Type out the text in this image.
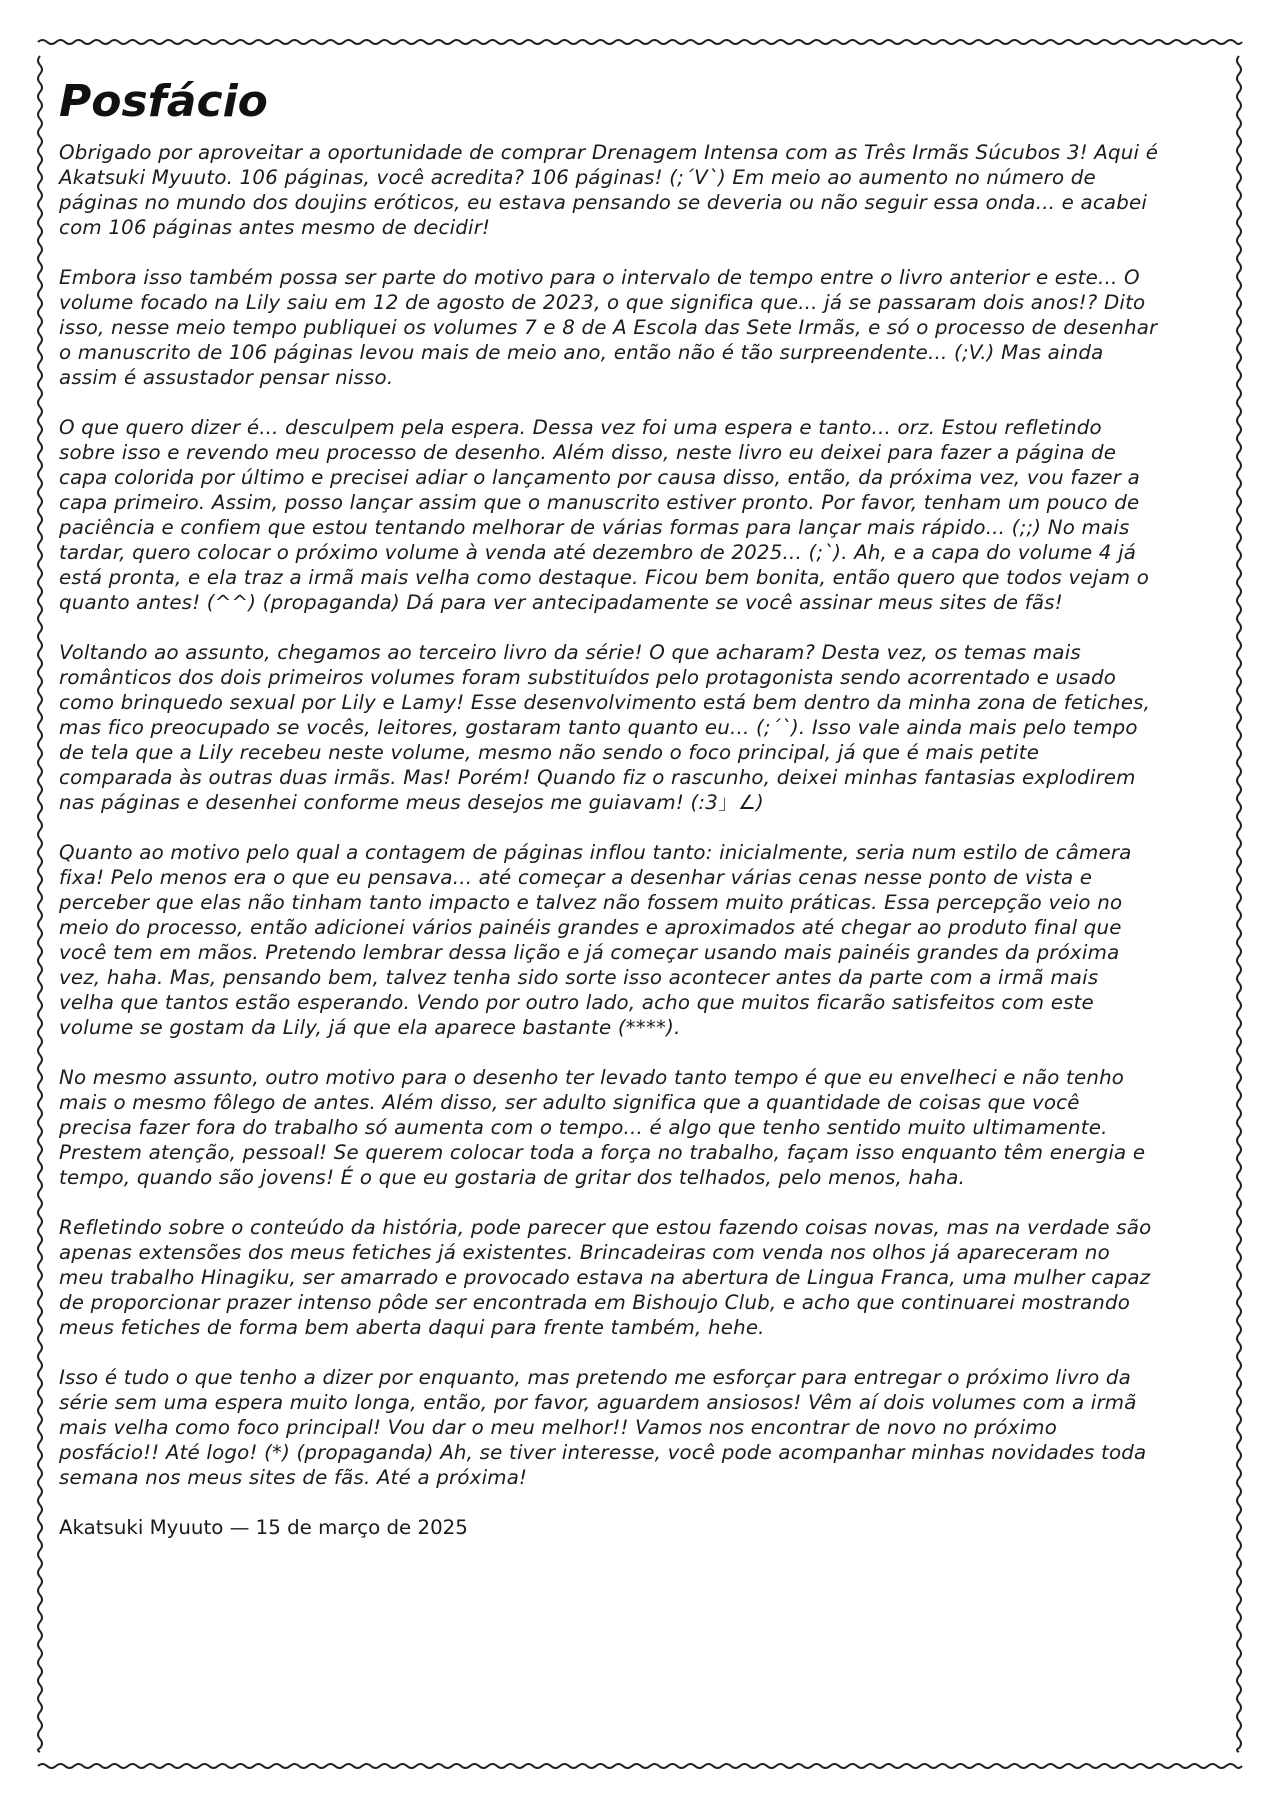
Posfácio

Obrigado por aproveitar a oportunidade de comprar Drenagem Intensa com as Três Irmãs Súcubos 3! Aqui é Akatsuki Myuuto. 106 páginas, você acredita? 106 páginas! (;´V`) Em meio ao aumento no número de páginas no mundo dos doujins eróticos, eu estava pensando se deveria ou não seguir essa onda... e acabei com 106 páginas antes mesmo de decidir!

Embora isso também possa ser parte do motivo para o intervalo de tempo entre o livro anterior e este... O volume focado na Lily saiu em 12 de agosto de 2023, o que significa que... já se passaram dois anos!? Dito isso, nesse meio tempo publiquei os volumes 7 e 8 de A Escola das Sete Irmãs, e só o processo de desenhar o manuscrito de 106 páginas levou mais de meio ano, então não é tão surpreendente... (;V.) Mas ainda assim é assustador pensar nisso.

O que quero dizer é... desculpem pela espera. Dessa vez foi uma espera e tanto... orz. Estou refletindo sobre isso e revendo meu processo de desenho. Além disso, neste livro eu deixei para fazer a página de capa colorida por último e precisei adiar o lançamento por causa disso, então, da próxima vez, vou fazer a capa primeiro. Assim, posso lançar assim que o manuscrito estiver pronto. Por favor, tenham um pouco de paciência e confiem que estou tentando melhorar de várias formas para lançar mais rápido... (;;) No mais tardar, quero colocar o próximo volume à venda até dezembro de 2025... (;`). Ah, e a capa do volume 4 já está pronta, e ela traz a irmã mais velha como destaque. Ficou bem bonita, então quero que todos vejam o quanto antes! (^^) (propaganda) Dá para ver antecipadamente se você assinar meus sites de fãs!

Voltando ao assunto, chegamos ao terceiro livro da série! O que acharam? Desta vez, os temas mais românticos dos dois primeiros volumes foram substituídos pelo protagonista sendo acorrentado e usado como brinquedo sexual por Lily e Lamy! Esse desenvolvimento está bem dentro da minha zona de fetiches, mas fico preocupado se vocês, leitores, gostaram tanto quanto eu... (;´`). Isso vale ainda mais pelo tempo de tela que a Lily recebeu neste volume, mesmo não sendo o foco principal, já que é mais petite comparada às outras duas irmãs. Mas! Porém! Quando fiz o rascunho, deixei minhas fantasias explodirem nas páginas e desenhei conforme meus desejos me guiavam! (:3」∠)

Quanto ao motivo pelo qual a contagem de páginas inflou tanto: inicialmente, seria num estilo de câmera fixa! Pelo menos era o que eu pensava... até começar a desenhar várias cenas nesse ponto de vista e perceber que elas não tinham tanto impacto e talvez não fossem muito práticas. Essa percepção veio no meio do processo, então adicionei vários painéis grandes e aproximados até chegar ao produto final que você tem em mãos. Pretendo lembrar dessa lição e já começar usando mais painéis grandes da próxima vez, haha. Mas, pensando bem, talvez tenha sido sorte isso acontecer antes da parte com a irmã mais velha que tantos estão esperando. Vendo por outro lado, acho que muitos ficarão satisfeitos com este volume se gostam da Lily, já que ela aparece bastante (****).

No mesmo assunto, outro motivo para o desenho ter levado tanto tempo é que eu envelheci e não tenho mais o mesmo fôlego de antes. Além disso, ser adulto significa que a quantidade de coisas que você precisa fazer fora do trabalho só aumenta com o tempo... é algo que tenho sentido muito ultimamente. Prestem atenção, pessoal! Se querem colocar toda a força no trabalho, façam isso enquanto têm energia e tempo, quando são jovens! É o que eu gostaria de gritar dos telhados, pelo menos, haha.

Refletindo sobre o conteúdo da história, pode parecer que estou fazendo coisas novas, mas na verdade são apenas extensões dos meus fetiches já existentes. Brincadeiras com venda nos olhos já apareceram no meu trabalho Hinagiku, ser amarrado e provocado estava na abertura de Lingua Franca, uma mulher capaz de proporcionar prazer intenso pôde ser encontrada em Bishoujo Club, e acho que continuarei mostrando meus fetiches de forma bem aberta daqui para frente também, hehe.

Isso é tudo o que tenho a dizer por enquanto, mas pretendo me esforçar para entregar o próximo livro da série sem uma espera muito longa, então, por favor, aguardem ansiosos! Vêm aí dois volumes com a irmã mais velha como foco principal! Vou dar o meu melhor!! Vamos nos encontrar de novo no próximo posfácio!! Até logo! (*) (propaganda) Ah, se tiver interesse, você pode acompanhar minhas novidades toda semana nos meus sites de fãs. Até a próxima!

Akatsuki Myuuto — 15 de março de 2025
